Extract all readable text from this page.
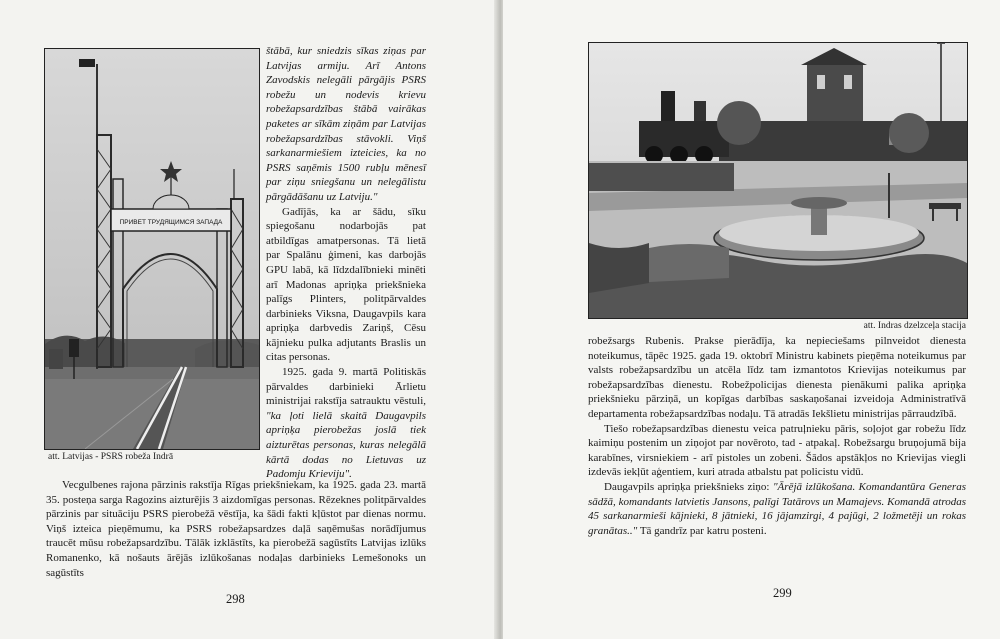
ПРИВЕТ ТРУДЯЩИМСЯ ЗАПАДА
att. Latvijas - PSRS robeža Indrā

štābā, kur sniedzis sīkas ziņas par Latvijas armiju. Arī Antons Zavodskis nelegāli pārgājis PSRS robežu un nodevis krievu robežapsardzības štābā vairākas paketes ar sīkām ziņām par Latvijas robežapsardzības stāvokli. Viņš sarkanarmiešiem izteicies, ka no PSRS saņēmis 1500 rubļu mēnesī par ziņu sniegšanu un nelegālistu pārgādāšanu uz Latviju."

Gadījās, ka ar šādu, sīku spiegošanu nodarbojās pat atbildīgas amatpersonas. Tā lietā par Spalānu ģimeni, kas darbojās GPU labā, kā līdzdalībnieki minēti arī Madonas apriņķa priekšnieka palīgs Plinters, politpārvaldes darbinieks Viksna, Daugavpils kara apriņķa darbvedis Zariņš, Cēsu kājnieku pulka adjutants Braslis un citas personas.

1925. gada 9. martā Politiskās pārvaldes darbinieki Ārlietu ministrijai rakstīja satrauktu vēstuli, "ka ļoti lielā skaitā Daugavpils apriņķa pierobežas joslā tiek aizturētas personas, kuras nelegālā kārtā dodas no Lietuvas uz Padomju Krieviju".

Vecgulbenes rajona pārzinis rakstīja Rīgas priekšniekam, ka 1925. gada 23. martā 35. posteņa sarga Ragozins aizturējis 3 aizdomīgas personas. Rēzeknes politpārvaldes pārzinis par situāciju PSRS pierobežā vēstīja, ka šādi fakti kļūstot par dienas normu. Viņš izteica pieņēmumu, ka PSRS robežapsardzes daļā saņēmušas norādījumus traucēt mūsu robežapsardzību. Tālāk izklāstīts, ka pierobežā sagūstīts Latvijas izlūks Romanenko, kā nošauts ārējās izlūkošanas nodaļas darbinieks Lemešonoks un sagūstīts

298
att. Indras dzelzceļa stacija

robežsargs Rubenis. Prakse pierādīja, ka nepieciešams pilnveidot dienesta noteikumus, tāpēc 1925. gada 19. oktobrī Ministru kabinets pieņēma noteikumus par valsts robežapsardzību un atcēla līdz tam izmantotos Krievijas noteikumus par robežapsardzības dienestu. Robežpolicijas dienesta pienākumi palika apriņķa priekšnieku pārziņā, un kopīgas darbības saskaņošanai izveidoja Administratīvā departamenta robežapsardzības nodaļu. Tā atradās Iekšlietu ministrijas pārraudzībā.

Tiešo robežapsardzības dienestu veica patruļnieku pāris, soļojot gar robežu līdz kaimiņu postenim un ziņojot par novēroto, tad - atpakaļ. Robežsargu bruņojumā bija karabīnes, virsniekiem - arī pistoles un zobeni. Šādos apstākļos no Krievijas viegli izdevās iekļūt aģentiem, kuri atrada atbalstu pat policistu vidū.

Daugavpils apriņķa priekšnieks ziņo: "Ārējā izlūkošana. Komandantūra Generas sādžā, komandants latvietis Jansons, palīgi Tatārovs un Mamajevs. Komandā atrodas 45 sarkanarmieši kājnieki, 8 jātnieki, 16 jājamzirgi, 4 pajūgi, 2 ložmetēji un rokas granātas.." Tā gandrīz par katru posteni.

299
